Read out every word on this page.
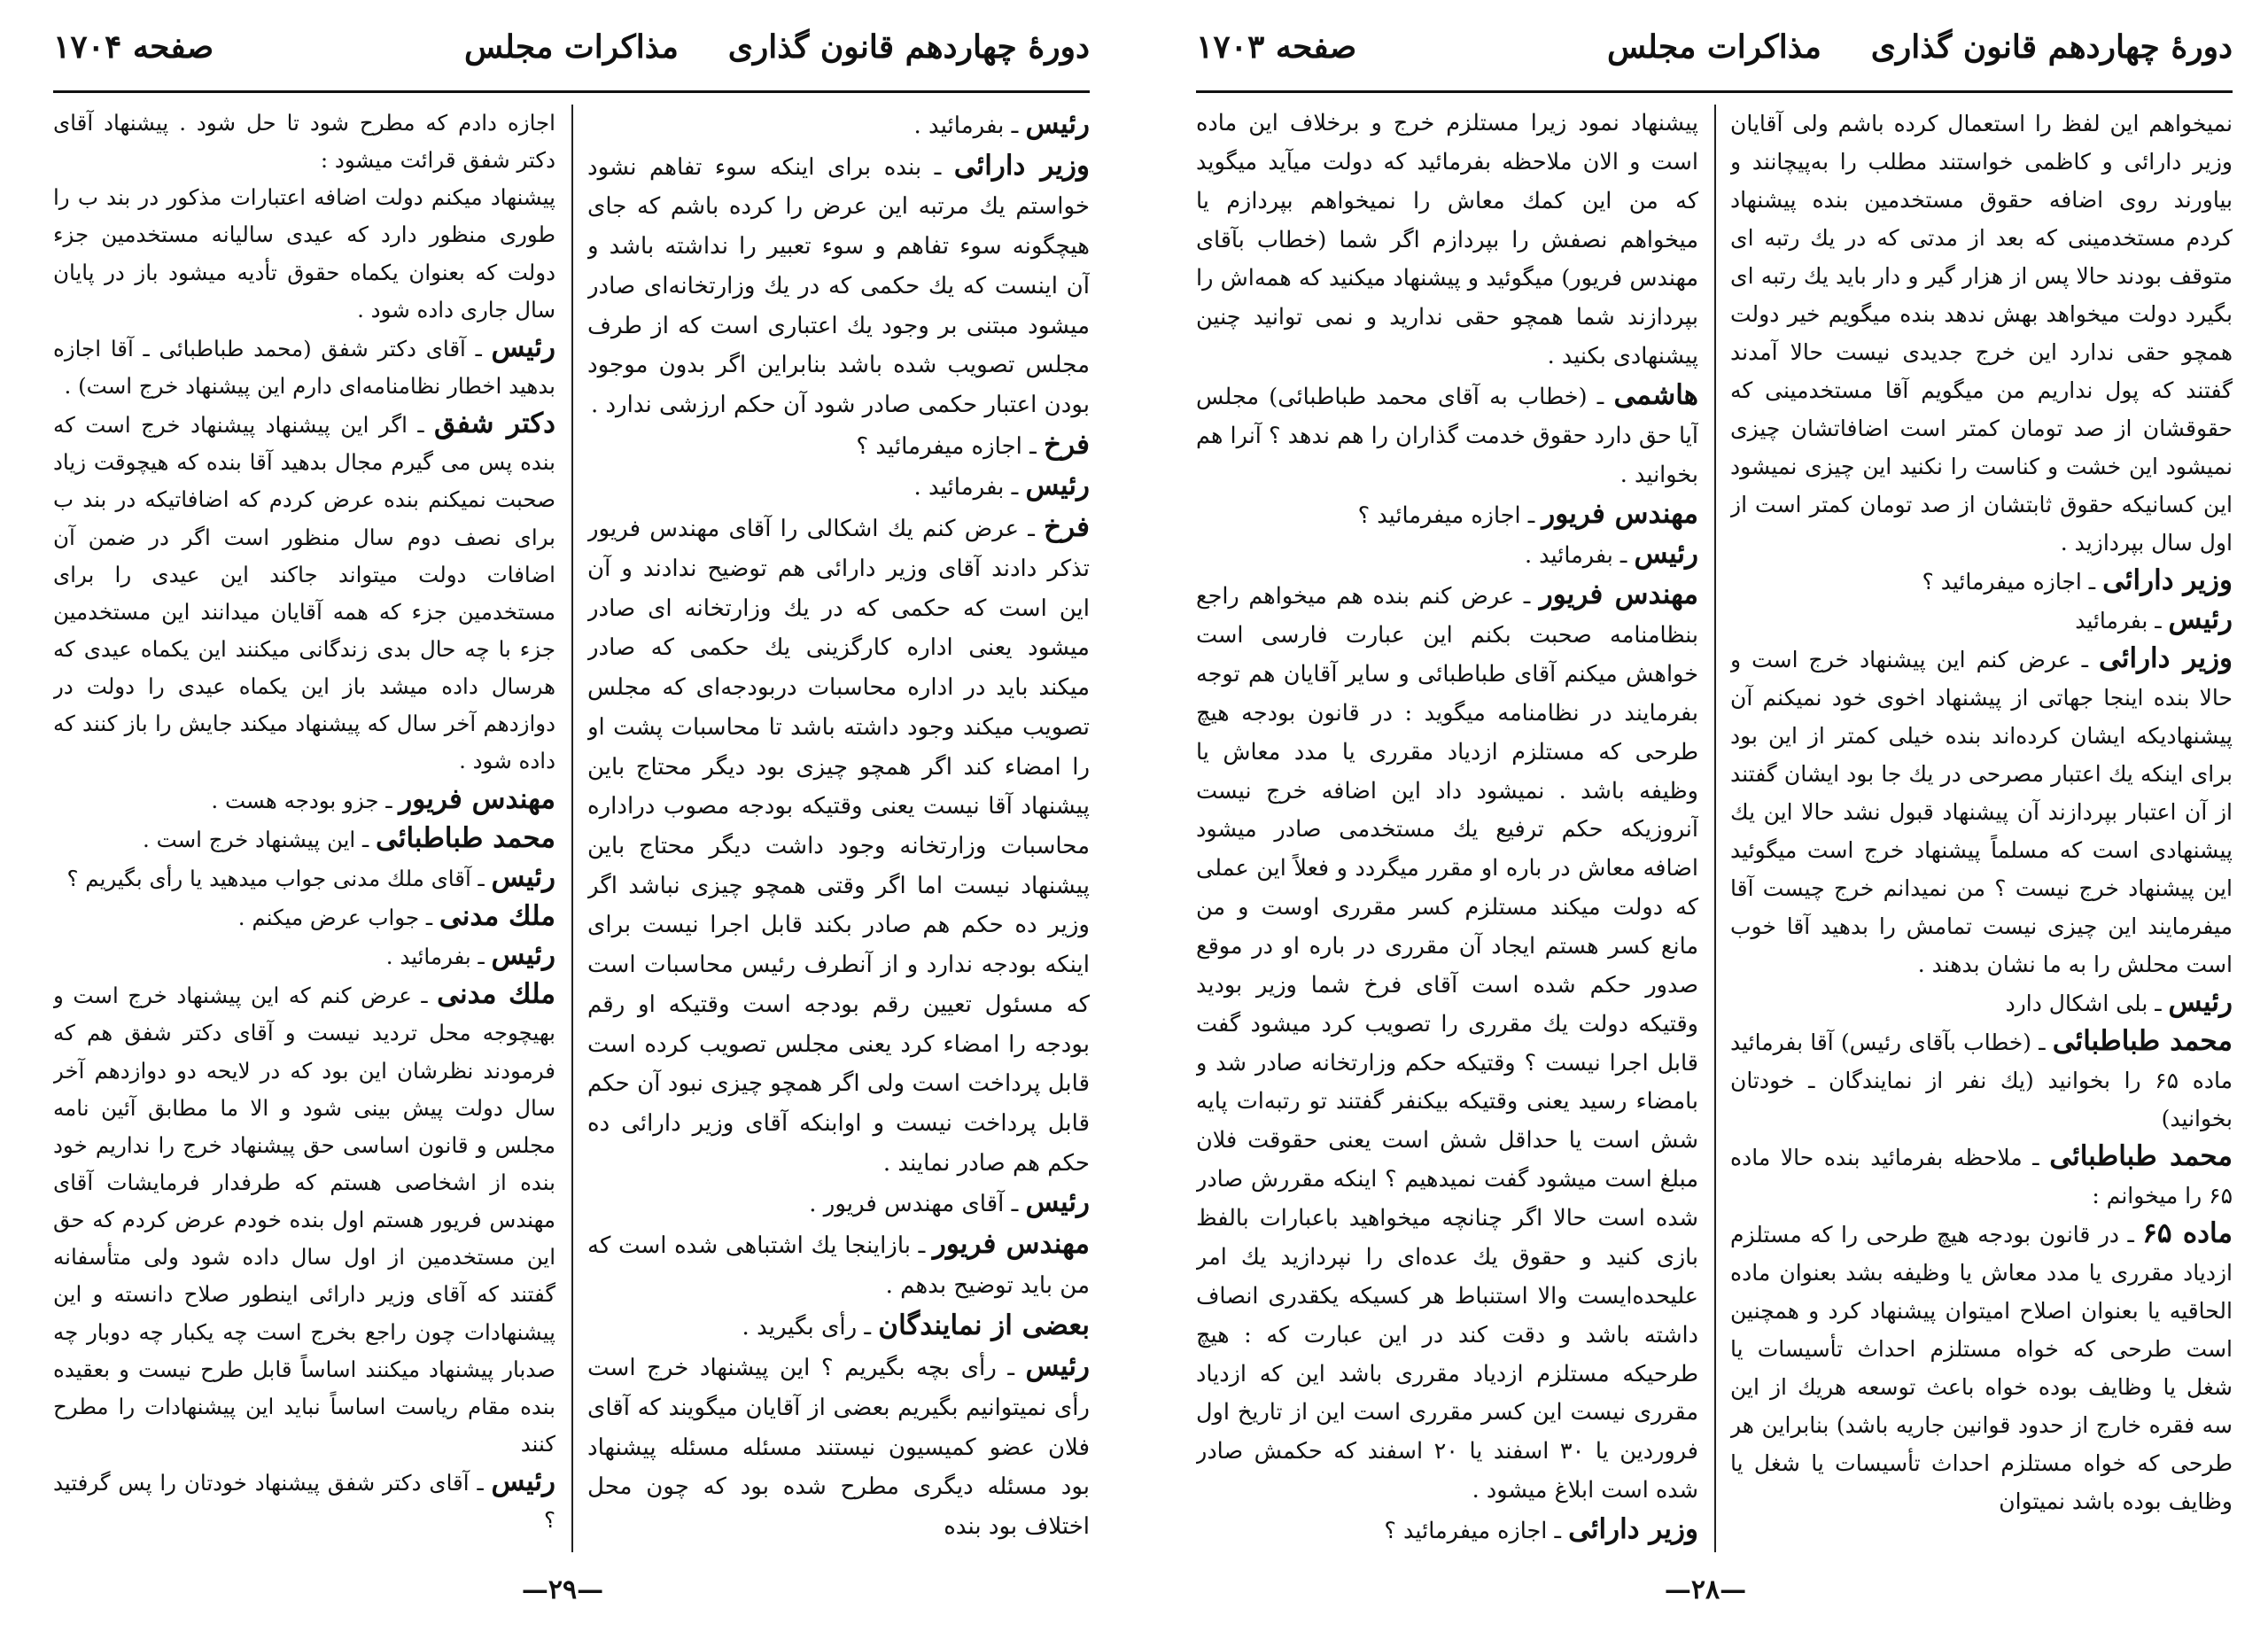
دورهٔ چهاردهم قانون گذاری
مذاکرات مجلس
صفحه ۱۷۰۴

رئیس ـ بفرمائید .

وزیر دارائی ـ بنده برای اینکه سوء تفاهم نشود خواستم یك مرتبه این عرض را کرده باشم که جای هیچگونه سوء تفاهم و سوء تعبیر را نداشته باشد و آن اینست که یك حکمی که در یك وزارتخانه‌ای صادر میشود مبتنی بر وجود یك اعتباری است که از طرف مجلس تصویب شده باشد بنابراین اگر بدون موجود بودن اعتبار حکمی صادر شود آن حکم ارزشی ندارد .

فرخ ـ اجازه میفرمائید ؟

رئیس ـ بفرمائید .

فرخ ـ عرض کنم یك اشکالی را آقای مهندس فریور تذکر دادند آقای وزیر دارائی هم توضیح ندادند و آن این است که حکمی که در یك وزارتخانه ای صادر میشود یعنی اداره کارگزینی یك حکمی که صادر میکند باید در اداره محاسبات دربودجه‌ای که مجلس تصویب میکند وجود داشته باشد تا محاسبات پشت او را امضاء کند اگر همچو چیزی بود دیگر محتاج باین پیشنهاد آقا نیست یعنی وقتیکه بودجه مصوب دراداره محاسبات وزارتخانه وجود داشت دیگر محتاج باین پیشنهاد نیست اما اگر وقتی همچو چیزی نباشد اگر وزیر ده حکم هم صادر بکند قابل اجرا نیست برای اینکه بودجه ندارد و از آنطرف رئیس محاسبات است که مسئول تعیین رقم بودجه است وقتیکه او رقم بودجه را امضاء کرد یعنی مجلس تصویب کرده است قابل پرداخت است ولی اگر همچو چیزی نبود آن حکم قابل پرداخت نیست و اوابنکه آقای وزیر دارائی ده حکم هم صادر نمایند .

رئیس ـ آقای مهندس فریور .

مهندس فریور ـ بازاینجا یك اشتباهی شده است که من باید توضیح بدهم .

بعضی از نمایندگان ـ رأی بگیرید .

رئیس ـ رأی بچه بگیریم ؟ این پیشنهاد خرج است رأی نمیتوانیم بگیریم بعضی از آقایان میگویند که آقای فلان عضو کمیسیون نیستند مسئله مسئله پیشنهاد بود مسئله دیگری مطرح شده بود که چون محل اختلاف بود بنده

اجازه دادم که مطرح شود تا حل شود . پیشنهاد آقای دکتر شفق قرائت میشود :

پیشنهاد میکنم دولت اضافه اعتبارات مذکور در بند ب را طوری منظور دارد که عیدی سالیانه مستخدمین جزء دولت که بعنوان یکماه حقوق تأدیه میشود باز در پایان سال جاری داده شود .

رئیس ـ آقای دکتر شفق (محمد طباطبائی ـ آقا اجازه بدهید اخطار نظامنامه‌ای دارم این پیشنهاد خرج است) .

دکتر شفق ـ اگر این پیشنهاد پیشنهاد خرج است که بنده پس می گیرم مجال بدهید آقا بنده که هیچوقت زیاد صحبت نمیکنم بنده عرض کردم که اضافاتیکه در بند ب برای نصف دوم سال منظور است اگر در ضمن آن اضافات دولت میتواند جاکند این عیدی را برای مستخدمین جزء که همه آقایان میدانند این مستخدمین جزء با چه حال بدی زندگانی میکنند این یکماه عیدی که هرسال داده میشد باز این یکماه عیدی را دولت در دوازدهم آخر سال که پیشنهاد میکند جایش را باز کنند که داده شود .

مهندس فریور ـ جزو بودجه هست .

محمد طباطبائی ـ این پیشنهاد خرج است .

رئیس ـ آقای ملك مدنی جواب میدهید یا رأی بگیریم ؟

ملك مدنی ـ جواب عرض میکنم .

رئیس ـ بفرمائید .

ملك مدنی ـ عرض کنم که این پیشنهاد خرج است و بهیچوجه محل تردید نیست و آقای دکتر شفق هم که فرمودند نظرشان این بود که در لایحه دو دوازدهم آخر سال دولت پیش بینی شود و الا ما مطابق آئین نامه مجلس و قانون اساسی حق پیشنهاد خرج را نداریم خود بنده از اشخاصی هستم که طرفدار فرمایشات آقای مهندس فریور هستم اول بنده خودم عرض کردم که حق این مستخدمین از اول سال داده شود ولی متأسفانه گفتند که آقای وزیر دارائی اینطور صلاح دانسته و این پیشنهادات چون راجع بخرج است چه یکبار چه دوبار چه صدبار پیشنهاد میکنند اساساً قابل طرح نیست و بعقیده بنده مقام ریاست اساساً نباید این پیشنهادات را مطرح کنند

رئیس ـ آقای دکتر شفق پیشنهاد خودتان را پس گرفتید ؟

—۲۹—
دورهٔ چهاردهم قانون گذاری
مذاکرات مجلس
صفحه ۱۷۰۳

نمیخواهم این لفظ را استعمال کرده باشم ولی آقایان وزیر دارائی و کاظمی خواستند مطلب را به‌پیچانند و بیاورند روی اضافه حقوق مستخدمین بنده پیشنهاد کردم مستخدمینی که بعد از مدتی که در یك رتبه ای متوقف بودند حالا پس از هزار گیر و دار باید یك رتبه ای بگیرد دولت میخواهد بهش ندهد بنده میگویم خیر دولت همچو حقی ندارد این خرج جدیدی نیست حالا آمدند گفتند که پول نداریم من میگویم آقا مستخدمینی که حقوقشان از صد تومان کمتر است اضافاتشان چیزی نمیشود این خشت و کناست را نکنید این چیزی نمیشود این کسانیکه حقوق ثابتشان از صد تومان کمتر است از اول سال بپردازید .

وزیر دارائی ـ اجازه میفرمائید ؟

رئیس ـ بفرمائید

وزیر دارائی ـ عرض کنم این پیشنهاد خرج است و حالا بنده اینجا جهاتی از پیشنهاد اخوی خود نمیکنم آن پیشنهادیکه ایشان کرده‌اند بنده خیلی کمتر از این بود برای اینکه یك اعتبار مصرحی در یك جا بود ایشان گفتند از آن اعتبار بپردازند آن پیشنهاد قبول نشد حالا این یك پیشنهادی است که مسلماً پیشنهاد خرج است میگوئید این پیشنهاد خرج نیست ؟ من نمیدانم خرج چیست آقا میفرمایند این چیزی نیست تمامش را بدهید آقا خوب است محلش را به ما نشان بدهند .

رئیس ـ بلی اشکال دارد

محمد طباطبائی ـ (خطاب بآقای رئیس) آقا بفرمائید ماده ۶۵ را بخوانید (یك نفر از نمایندگان ـ خودتان بخوانید)

محمد طباطبائی ـ ملاحظه بفرمائید بنده حالا ماده ۶۵ را میخوانم :

ماده ۶۵ ـ در قانون بودجه هیچ طرحی را که مستلزم ازدیاد مقرری یا مدد معاش یا وظیفه بشد بعنوان ماده الحاقیه یا بعنوان اصلاح امیتوان پیشنهاد کرد و همچنین است طرحی که خواه مستلزم احداث تأسیسات یا شغل یا وظایف بوده خواه باعث توسعه هریك از این سه فقره خارج از حدود قوانین جاریه باشد) بنابراین هر طرحی که خواه مستلزم احداث تأسیسات یا شغل یا وظایف بوده باشد نمیتوان

پیشنهاد نمود زیرا مستلزم خرج و برخلاف این ماده است و الان ملاحظه بفرمائید که دولت میآید میگوید که من این کمك معاش را نمیخواهم بپردازم یا میخواهم نصفش را بپردازم اگر شما (خطاب بآقای مهندس فریور) میگوئید و پیشنهاد میکنید که همه‌اش را بپردازند شما همچو حقی ندارید و نمی توانید چنین پیشنهادی بکنید .

هاشمی ـ (خطاب به آقای محمد طباطبائی) مجلس آیا حق دارد حقوق خدمت گذاران را هم ندهد ؟ آنرا هم بخوانید .

مهندس فریور ـ اجازه میفرمائید ؟

رئیس ـ بفرمائید .

مهندس فریور ـ عرض کنم بنده هم میخواهم راجع بنظامنامه صحبت بکنم این عبارت فارسی است خواهش میکنم آقای طباطبائی و سایر آقایان هم توجه بفرمایند در نظامنامه میگوید : در قانون بودجه هیچ طرحی که مستلزم ازدیاد مقرری یا مدد معاش یا وظیفه باشد . نمیشود داد این اضافه خرج نیست آنروزیکه حکم ترفیع یك مستخدمی صادر میشود اضافه معاش در باره او مقرر میگردد و فعلاً این عملی که دولت میکند مستلزم کسر مقرری اوست و من مانع کسر هستم ایجاد آن مقرری در باره او در موقع صدور حکم شده است آقای فرخ شما وزیر بودید وقتیکه دولت یك مقرری را تصویب کرد میشود گفت قابل اجرا نیست ؟ وقتیکه حکم وزارتخانه صادر شد و بامضاء رسید یعنی وقتیکه بیکنفر گفتند تو رتبه‌ات پایه شش است یا حداقل شش است یعنی حقوقت فلان مبلغ است میشود گفت نمیدهیم ؟ اینکه مقررش صادر شده است حالا اگر چنانچه میخواهید باعبارات بالفظ بازی کنید و حقوق یك عده‌ای را نپردازید یك امر علیحده‌ایست والا استنباط هر کسیکه یکقدری انصاف داشته باشد و دقت کند در این عبارت که : هیچ طرحیکه مستلزم ازدیاد مقرری باشد این که ازدیاد مقرری نیست این کسر مقرری است این از تاریخ اول فروردین یا ۳۰ اسفند یا ۲۰ اسفند که حکمش صادر شده است ابلاغ میشود .

وزیر دارائی ـ اجازه میفرمائید ؟

—۲۸—
